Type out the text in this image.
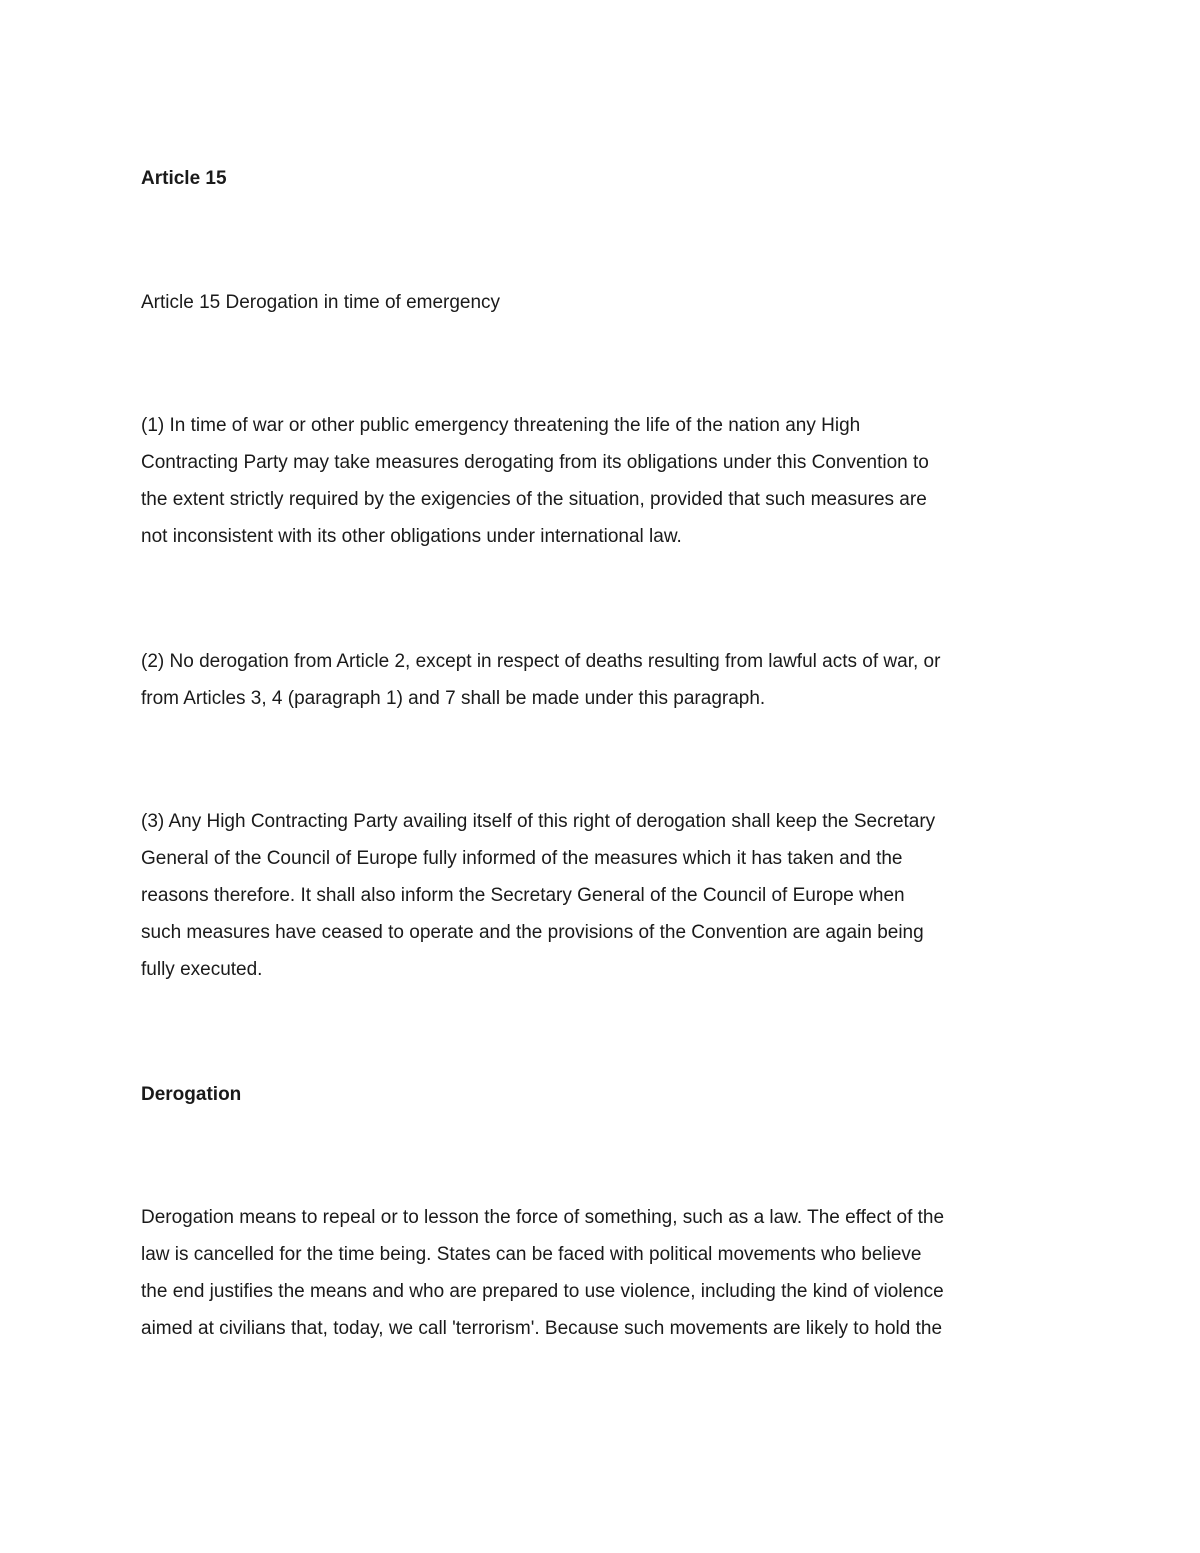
Article 15
Article 15 Derogation in time of emergency
(1) In time of war or other public emergency threatening the life of the nation any High
Contracting Party may take measures derogating from its obligations under this Convention to
the extent strictly required by the exigencies of the situation, provided that such measures are
not inconsistent with its other obligations under international law.
(2) No derogation from Article 2, except in respect of deaths resulting from lawful acts of war, or
from Articles 3, 4 (paragraph 1) and 7 shall be made under this paragraph.
(3) Any High Contracting Party availing itself of this right of derogation shall keep the Secretary
General of the Council of Europe fully informed of the measures which it has taken and the
reasons therefore. It shall also inform the Secretary General of the Council of Europe when
such measures have ceased to operate and the provisions of the Convention are again being
fully executed.
Derogation
Derogation means to repeal or to lesson the force of something, such as a law. The effect of the
law is cancelled for the time being. States can be faced with political movements who believe
the end justifies the means and who are prepared to use violence, including the kind of violence
aimed at civilians that, today, we call 'terrorism'. Because such movements are likely to hold the
